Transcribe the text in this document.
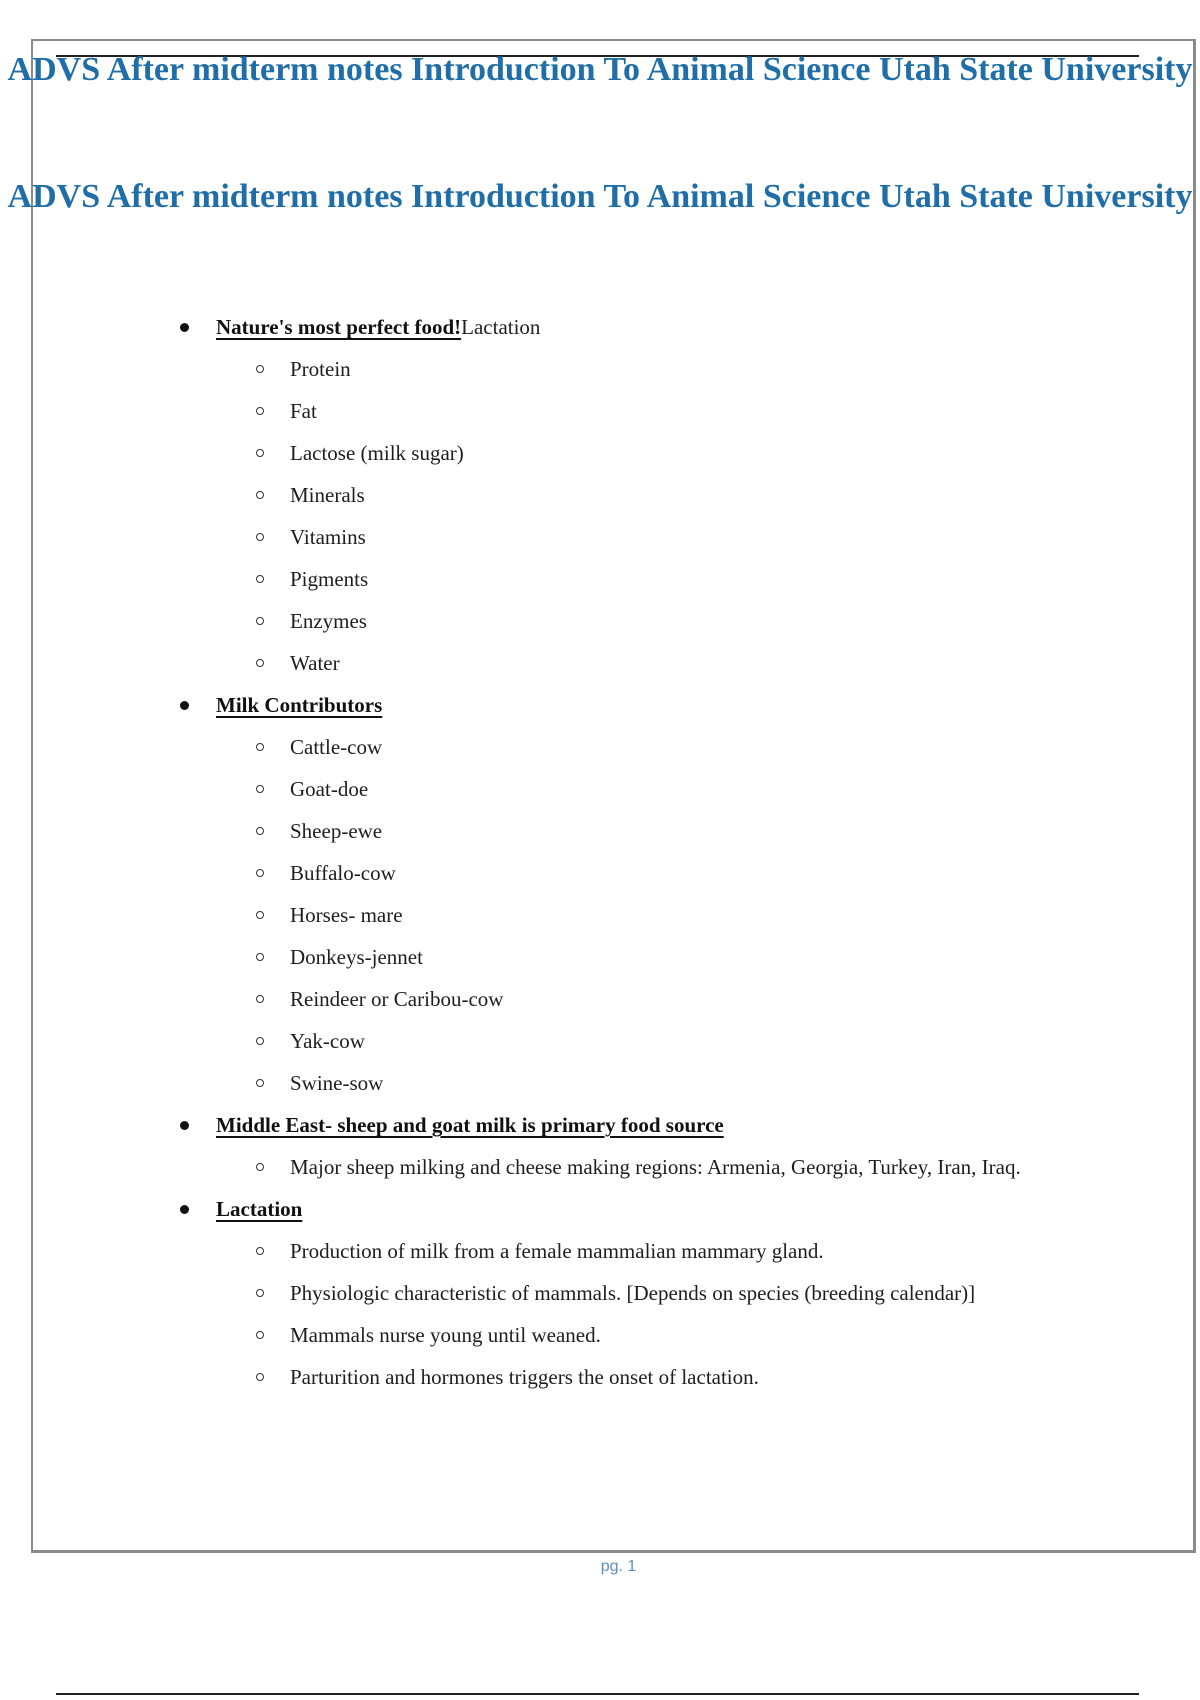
ADVS After midterm notes Introduction To Animal Science Utah State University
ADVS After midterm notes Introduction To Animal Science Utah State University
Nature's most perfect food!Lactation
Protein
Fat
Lactose (milk sugar)
Minerals
Vitamins
Pigments
Enzymes
Water
Milk Contributors
Cattle-cow
Goat-doe
Sheep-ewe
Buffalo-cow
Horses- mare
Donkeys-jennet
Reindeer or Caribou-cow
Yak-cow
Swine-sow
Middle East- sheep and goat milk is primary food source
Major sheep milking and cheese making regions: Armenia, Georgia, Turkey, Iran, Iraq.
Lactation
Production of milk from a female mammalian mammary gland.
Physiologic characteristic of mammals. [Depends on species (breeding calendar)]
Mammals nurse young until weaned.
Parturition and hormones triggers the onset of lactation.
pg. 1
